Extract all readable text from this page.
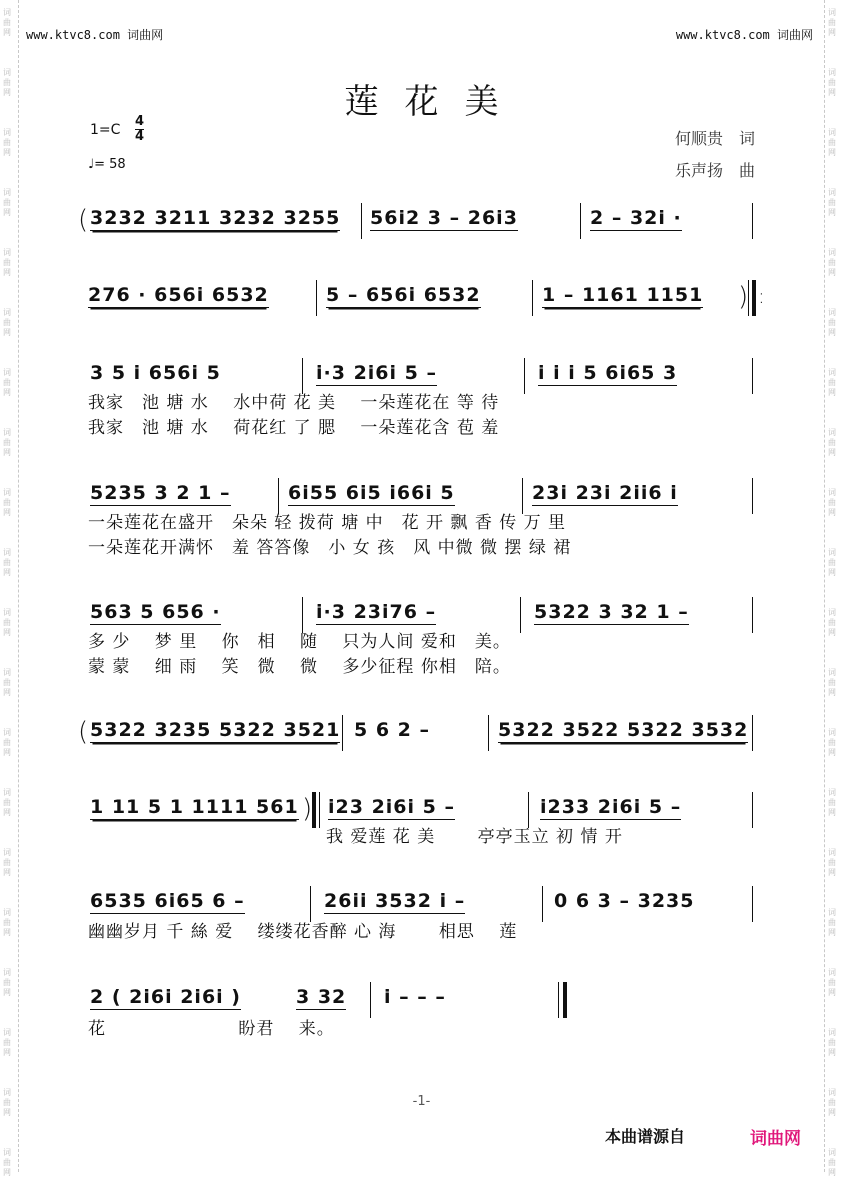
词曲网
词曲网
词曲网
词曲网
词曲网
词曲网
词曲网
词曲网
词曲网
词曲网
词曲网
词曲网
词曲网
词曲网
词曲网
词曲网
词曲网
词曲网
词曲网
词曲网
词曲网
词曲网
词曲网
词曲网
词曲网
词曲网
词曲网
词曲网
词曲网
词曲网
词曲网
词曲网
词曲网
词曲网
词曲网
词曲网
词曲网
词曲网
词曲网
词曲网
www.ktvc8.com 词曲网	www.ktvc8.com 词曲网
莲花美
1=C
4
4
♩= 58
何顺贵　词
乐声扬　曲
( 3232 3211 3232 3255 56i2 3 – 26i3	2 – 32i ·
276 · 656i 6532	5 – 656i 6532	1 – 1161 1151 ) :
3 5 i 656i 5	i·3 2i6i 5 –	i i i 5 6i65 3
我家　池 塘 水　 水中荷 花 美　 一朵莲花在 等 待
我家　池 塘 水　 荷花红 了 腮　 一朵莲花含 苞 羞
5235 3 2 1 –	6i55 6i5 i66i 5	23i 23i 2ii6 i
一朵莲花在盛开　朵朵 轻 拨荷 塘 中　花 开 飘 香 传 万 里
一朵莲花开满怀　羞 答答像　小 女 孩　风 中微 微 摆 绿 裙
563 5 656 ·	i·3 23i76 –	5322 3 32 1 –
多 少　 梦 里　 你　相　 随　 只为人间 爱和　美。
蒙 蒙　 细 雨　 笑　微　 微　 多少征程 你相　陪。
( 5322 3235 5322 3521 5 6 2 –	5322 3522 5322 3532
1 11 5 1 1111 561 ) i23 2i6i 5 –	i233 2i6i 5 –
我 爱莲 花 美　　 亭亭玉立 初 情 开
6535 6i65 6 –	26ii 3532 i –	0 6 3 – 3235
幽幽岁月 千 絲 爱　 缕缕花香醉 心 海　　 相思　 莲
2 ( 2i6i 2i6i )	3 32 i – – –
花　　　　　　　 盼君　 来。
-1-
本曲谱源自	词曲网
